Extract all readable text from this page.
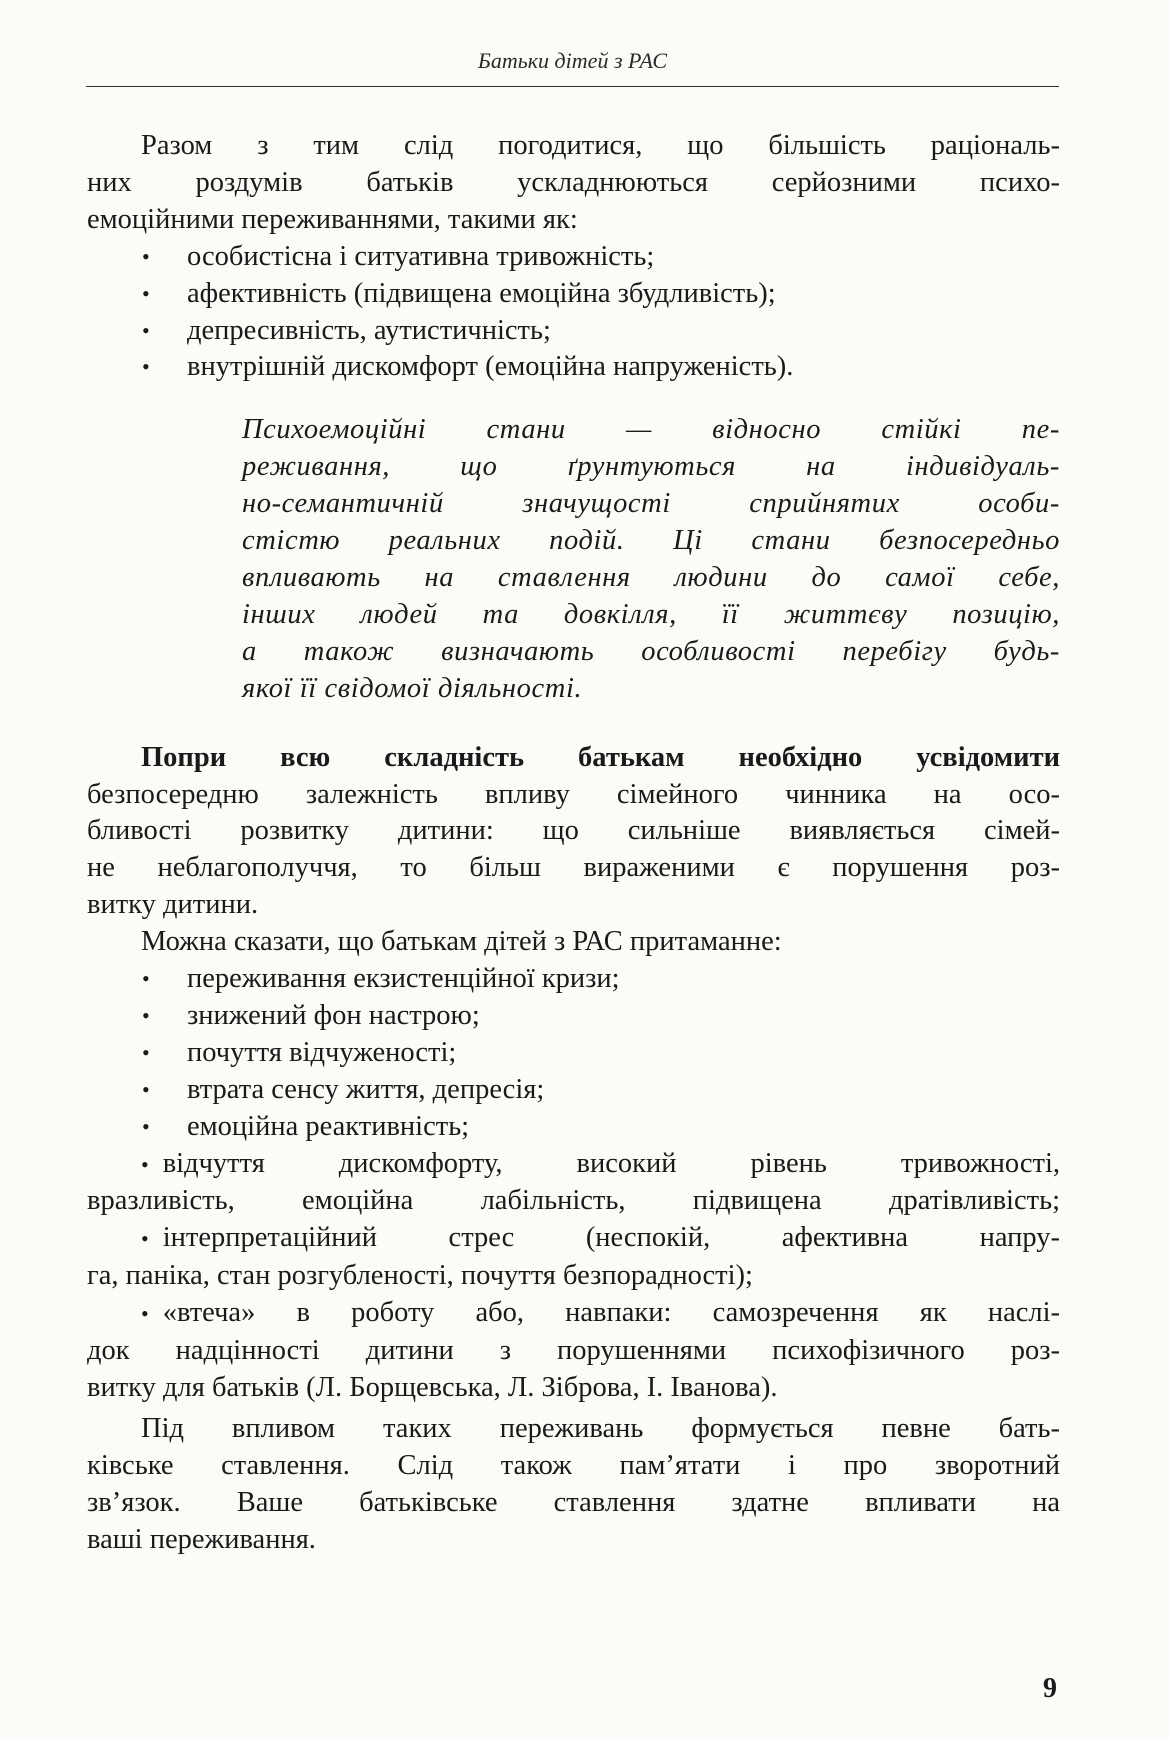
Батьки дітей з РАС

Разом з тим слід погодитися, що більшість раціональ-

них роздумів батьків ускладнюються серйозними психо-

емоційними переживаннями, такими як:

•	особистісна і ситуативна тривожність;
•	афективність (підвищена емоційна збудливість);
•	депресивність, аутистичність;
•	внутрішній дискомфорт (емоційна напруженість).

Психоемоційні стани — відносно стійкі пе-

реживання, що ґрунтуються на індивідуаль-

но-семантичній значущості сприйнятих особи-

стістю реальних подій. Ці стани безпосередньо

впливають на ставлення людини до самої себе,

інших людей та довкілля, її життєву позицію,

а також визначають особливості перебігу будь-

якої її свідомої діяльності.

Попри всю складність батькам необхідно усвідомити

безпосередню залежність впливу сімейного чинника на осо-

бливості розвитку дитини: що сильніше виявляється сімей-

не неблагополуччя, то більш вираженими є порушення роз-

витку дитини.

Можна сказати, що батькам дітей з РАС притаманне:

•	переживання екзистенційної кризи;
•	знижений фон настрою;
•	почуття відчуженості;
•	втрата сенсу життя, депресія;
•	емоційна реактивність;

• відчуття дискомфорту, високий рівень тривожності,

вразливість, емоційна лабільність, підвищена дратівливість;

• інтерпретаційний стрес (неспокій, афективна напру-

га, паніка, стан розгубленості, почуття безпорадності);

• «втеча» в роботу або, навпаки: самозречення як наслі-

док надцінності дитини з порушеннями психофізичного роз-

витку для батьків (Л. Борщевська, Л. Зіброва, І. Іванова).

Під впливом таких переживань формується певне бать-

ківське ставлення. Слід також пам’ятати і про зворотний

зв’язок. Ваше батьківське ставлення здатне впливати на

ваші переживання.

9
